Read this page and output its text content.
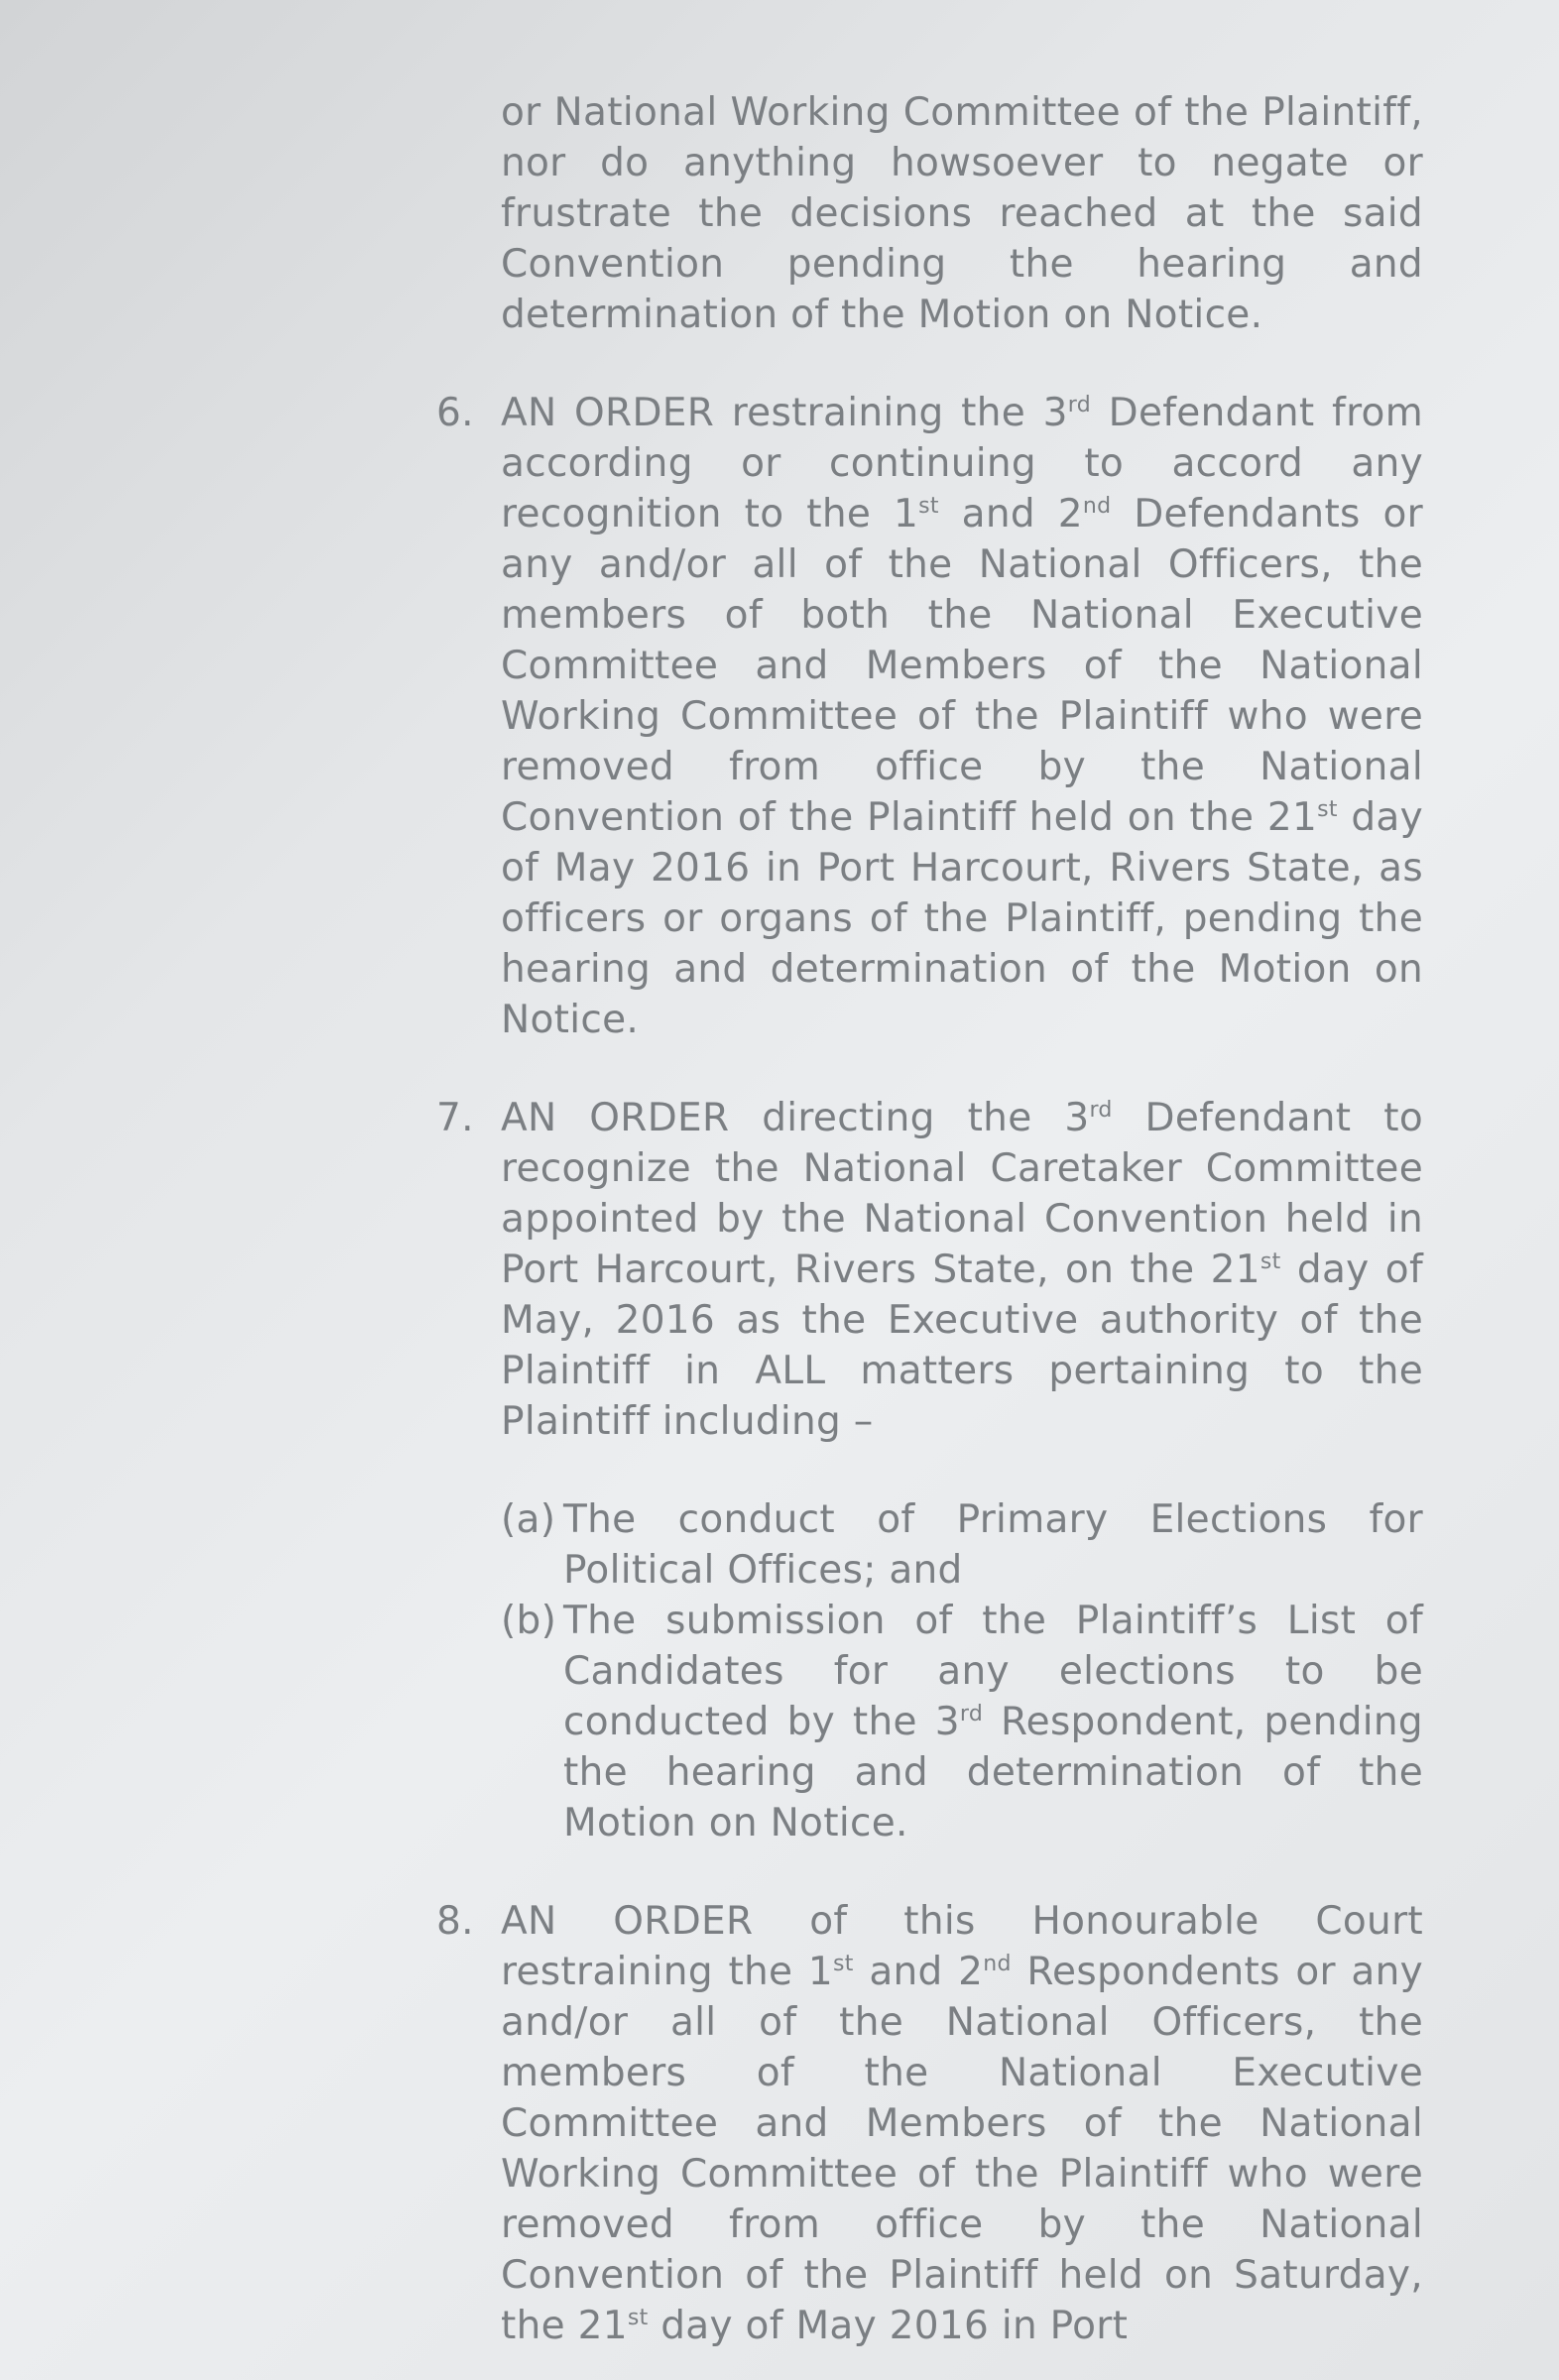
or National Working Committee of the Plaintiff, nor do anything howsoever to negate or frustrate the decisions reached at the said Convention pending the hearing and determination of the Motion on Notice.
6. AN ORDER restraining the 3rd Defendant from according or continuing to accord any recognition to the 1st and 2nd Defendants or any and/or all of the National Officers, the members of both the National Executive Committee and Members of the National Working Committee of the Plaintiff who were removed from office by the National Convention of the Plaintiff held on the 21st day of May 2016 in Port Harcourt, Rivers State, as officers or organs of the Plaintiff, pending the hearing and determination of the Motion on Notice.
7. AN ORDER directing the 3rd Defendant to recognize the National Caretaker Committee appointed by the National Convention held in Port Harcourt, Rivers State, on the 21st day of May, 2016 as the Executive authority of the Plaintiff in ALL matters pertaining to the Plaintiff including –
(a) The conduct of Primary Elections for Political Offices; and
(b) The submission of the Plaintiff’s List of Candidates for any elections to be conducted by the 3rd Respondent, pending the hearing and determination of the Motion on Notice.
8. AN ORDER of this Honourable Court restraining the 1st and 2nd Respondents or any and/or all of the National Officers, the members of the National Executive Committee and Members of the National Working Committee of the Plaintiff who were removed from office by the National Convention of the Plaintiff held on Saturday, the 21st day of May 2016 in Port
